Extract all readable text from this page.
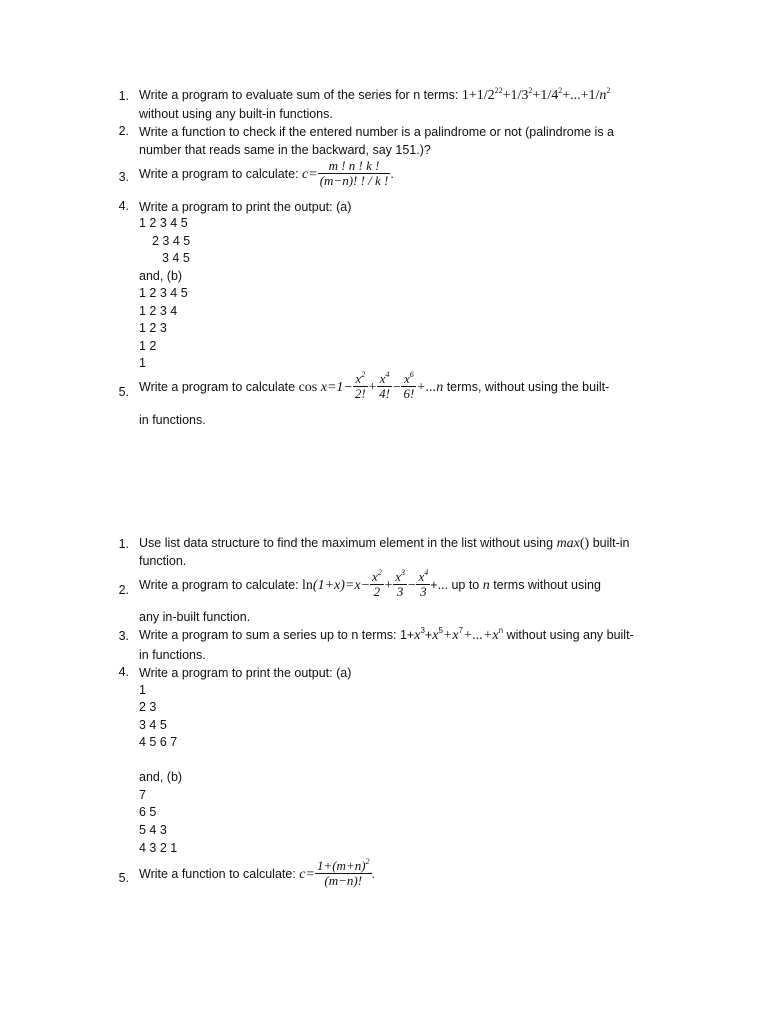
1. Write a program to evaluate sum of the series for n terms: $1+1/2^{22}+1/3^2+1/4^2+...+1/n^2$
without using any built-in functions.
2. Write a function to check if the entered number is a palindrome or not (palindrome is a
number that reads same in the backward, say 151.)?
3. Write a program to calculate: $c= \frac{m ! n ! k !}{(m-n)! ! / k !}$ .
4. Write a program to print the output: (a)
1 2 3 4 5
2 3 4 5
3 4 5
and, (b)
1 2 3 4 5
1 2 3 4
1 2 3
1 2
1
5. Write a program to calculate $\cos x=1- \frac{x^2}{2!} + \frac{x^4}{4!} - \frac{x^6}{6!} +...n$ terms, without using the built-
in functions.
1. Use list data structure to find the maximum element in the list without using max() built-in
function.
2. Write a program to calculate: $\ln(1+x)=x- \frac{x^2}{2} + \frac{x^3}{3} - \frac{x^4}{3}$ +... up to n terms without using
any in-built function.
3. Write a program to sum a series up to n terms: $1+x^3+x^5+x^7+...+x^n$ without using any built-
in functions.
4. Write a program to print the output: (a)
1
2 3
3 4 5
4 5 6 7
and, (b)
7
6 5
5 4 3
4 3 2 1
5. Write a function to calculate: $c= \frac{1+(m+n)^2}{(m-n)!}$ .
